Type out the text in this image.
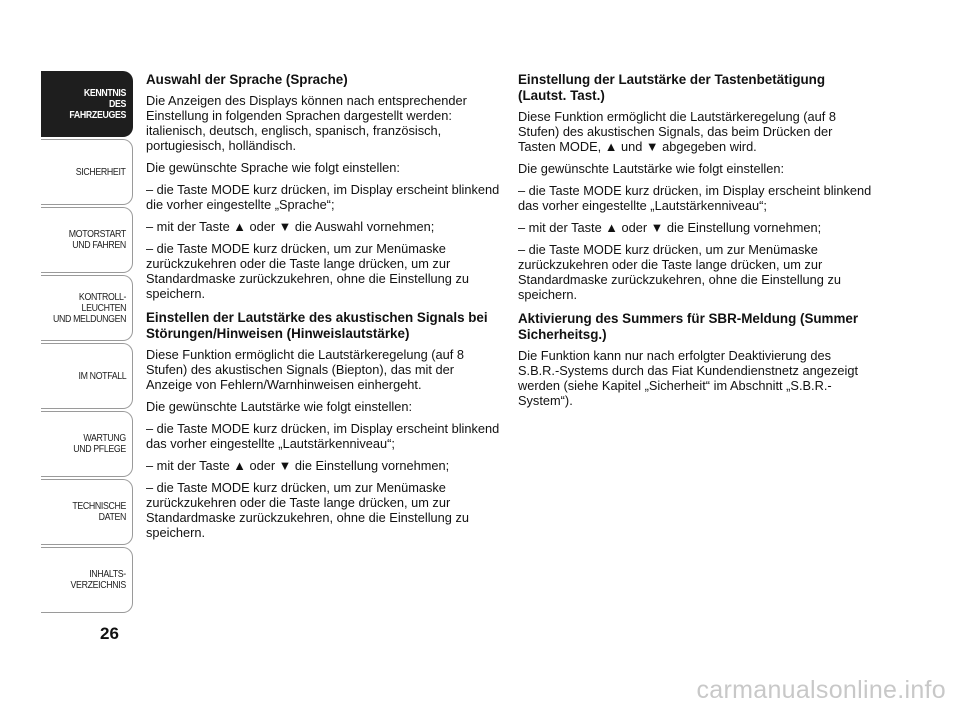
KENNTNIS
DES FAHRZEUGES
SICHERHEIT
MOTORSTART
UND FAHREN
KONTROLL-
LEUCHTEN
UND MELDUNGEN
IM NOTFALL
WARTUNG
UND PFLEGE
TECHNISCHE
DATEN
INHALTS-
VERZEICHNIS
26

Auswahl der Sprache (Sprache)

Die Anzeigen des Displays können nach entsprechender Einstellung in folgenden Sprachen dargestellt werden: italienisch, deutsch, englisch, spanisch, französisch, portugiesisch, holländisch.

Die gewünschte Sprache wie folgt einstellen:

– die Taste MODE kurz drücken, im Display erscheint blinkend die vorher eingestellte „Sprache“;

– mit der Taste ▲ oder ▼ die Auswahl vornehmen;

– die Taste MODE kurz drücken, um zur Menümaske zurückzukehren oder die Taste lange drücken, um zur Standardmaske zurückzukehren, ohne die Einstellung zu speichern.

Einstellen der Lautstärke des akustischen Signals bei Störungen/Hinweisen (Hinweislautstärke)

Diese Funktion ermöglicht die Lautstärkeregelung (auf 8 Stufen) des akustischen Signals (Biepton), das mit der Anzeige von Fehlern/Warnhinweisen einhergeht.

Die gewünschte Lautstärke wie folgt einstellen:

– die Taste MODE kurz drücken, im Display erscheint blinkend das vorher eingestellte „Lautstärkenniveau“;

– mit der Taste ▲ oder ▼ die Einstellung vornehmen;

– die Taste MODE kurz drücken, um zur Menümaske zurückzukehren oder die Taste lange drücken, um zur Standardmaske zurückzukehren, ohne die Einstellung zu speichern.

Einstellung der Lautstärke der Tastenbetätigung (Lautst. Tast.)

Diese Funktion ermöglicht die Lautstärkeregelung (auf 8 Stufen) des akustischen Signals, das beim Drücken der Tasten MODE, ▲ und ▼ abgegeben wird.

Die gewünschte Lautstärke wie folgt einstellen:

– die Taste MODE kurz drücken, im Display erscheint blinkend das vorher eingestellte „Lautstärkenniveau“;

– mit der Taste ▲ oder ▼ die Einstellung vornehmen;

– die Taste MODE kurz drücken, um zur Menümaske zurückzukehren oder die Taste lange drücken, um zur Standardmaske zurückzukehren, ohne die Einstellung zu speichern.

Aktivierung des Summers für SBR-Meldung (Summer Sicherheitsg.)

Die Funktion kann nur nach erfolgter Deaktivierung des S.B.R.-Systems durch das Fiat Kundendienstnetz angezeigt werden (siehe Kapitel „Sicherheit“ im Abschnitt „S.B.R.-System“).

carmanualsonline.info
